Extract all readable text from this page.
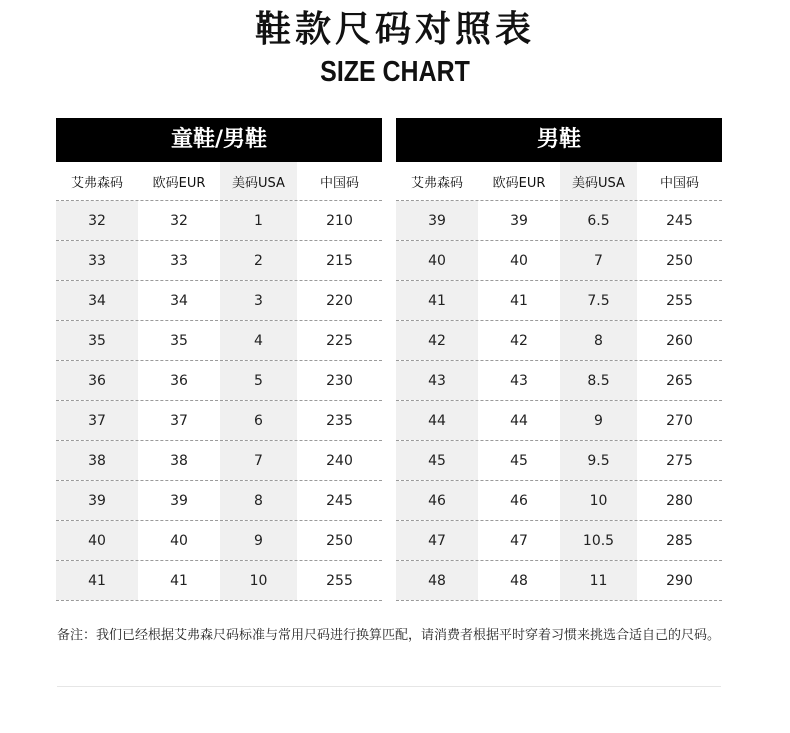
鞋款尺码对照表
SIZE CHART
童鞋/男鞋
艾弗森码	欧码EUR	美码USA	中国码
32	32	1	210
33	33	2	215
34	34	3	220
35	35	4	225
36	36	5	230
37	37	6	235
38	38	7	240
39	39	8	245
40	40	9	250
41	41	10	255
男鞋
艾弗森码	欧码EUR	美码USA	中国码
39	39	6.5	245
40	40	7	250
41	41	7.5	255
42	42	8	260
43	43	8.5	265
44	44	9	270
45	45	9.5	275
46	46	10	280
47	47	10.5	285
48	48	11	290
备注：我们已经根据艾弗森尺码标准与常用尺码进行换算匹配，请消费者根据平时穿着习惯来挑选合适自己的尺码。
